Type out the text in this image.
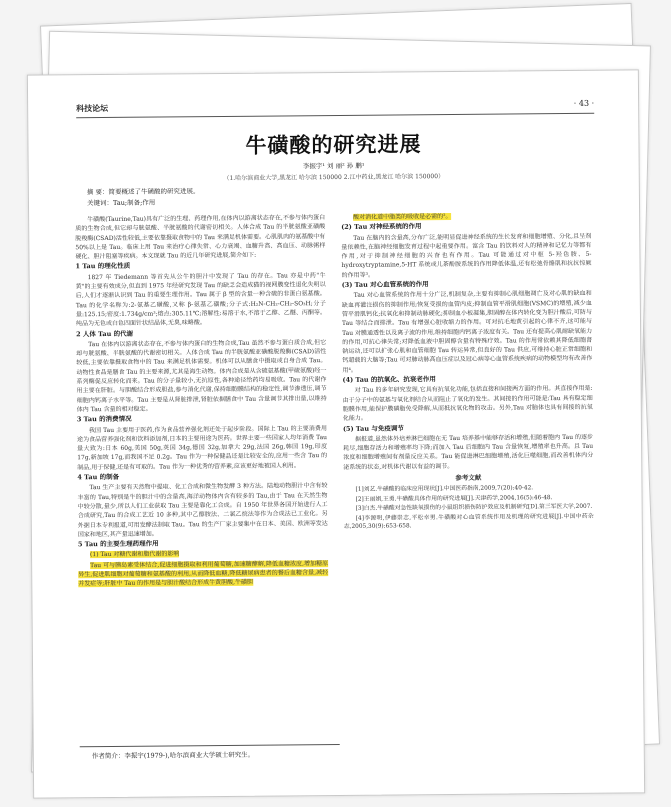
科技论坛	· 43 ·
牛磺酸的研究进展
李振宇¹ 刘 丽² 孙 鹏¹
（1.哈尔滨商业大学,黑龙江 哈尔滨 150000 2.江中药业,黑龙江 哈尔滨 150000）
摘 要：简要概述了牛磺酸的研究进展。
关键词：Tau;制备;作用

牛磺酸(Taurine,Tau)具有广泛的生理、药理作用,在体内以游离状态存在,不参与体内蛋白质的生物合成,但它却与胱氨酸、半胱氨酸的代谢密切相关。人体合成 Tau 的半胱氨酸亚磺酸脱羧酶(CSAD)活性较低,主要依靠摄取食物中的 Tau 来满足机体需要。心肌肌肉的氨基酸中有 50%以上是 Tau。临床上用 Tau 来治疗心律失常、心力衰竭、血糖升高、高血压、动脉粥样硬化、胆汁阻塞等疾病。本文现就 Tau 的近几年研究进展,简介如下:

1 Tau 的理化性质

1827 年 Tiedemann 等首先从公牛的胆汁中发现了 Tau 的存在。Tau 亦是中药"牛黄"的主要有效成分,但直到 1975 年经研究发现 Tau 的缺乏会造成猫的视网膜变性退化失明以后,人们才逐渐认识到 Tau 的重要生理作用。Tau 属于 β 型的含量一种含硫的非蛋白氨基酸。Tau 的化学名称为:2-氨基乙磺酸,又称 β-氨基乙磺酸;分子式:H₂N-CH₂-CH₂-SO₃H;分子量:125.15;密度:1.734g/cm³;熔点:305.11℃;溶解性:易溶于水,不溶于乙醇、乙醚、丙酮等。纯品为无色或白色四面针状结晶体,无臭,味略酸。

2 人体 Tau 的代谢

Tau 在体内以游离状态存在,不参与体内蛋白的生物合成,Tau 虽然不参与蛋白质合成,但它却与胱氨酸、半胱氨酸的代谢密切相关。人体合成 Tau 的半胱氨酸亚磺酸脱羧酶(CSAD)活性较低,主要依靠摄取食物中的 Tau 来满足机体需要。机体可以从膳食中摄取或自身合成 Tau。动物性食品是膳食 Tau 的主要来源,尤其是海生动物。体内合成是从含硫氨基酸(甲硫氨酸)经一系列酶促反应转化而来。Tau 的分子量较小,无抗原性,各种途径给药均易吸收。Tau 的代谢作用主要在肝脏。与胆酸结合形成胆盐,参与消化代谢,保持细胞膜结构的稳定性,调节渗透压,调节细胞内钙离子水平等。Tau 主要是从肾脏排泄,肾脏依据膳食中 Tau 含量调节其排出量,以维持体内 Tau 含量的相对稳定。

3 Tau 的消费情况

我国 Tau 主要用于医药,作为食品营养强化剂还处于起步阶段。国际上 Tau 的主要消费用途为食品营养强化剂和饮料添加剂,日本的主要用途为医药。世界主要一些国家人均年消费 Tau 量大致为:日本 60g,美国 50g,英国 34g,德国 32g,加拿大 29g,法国 26g,韩国 19g,印度 17g,新加坡 17g,而我国不足 0.2g。Tau 作为一种保健品还是比较安全的,应用一些含 Tau 的制品,用于保健,还是有可取的。Tau 作为一种优秀的营养素,应该更好地被国人利用。

4 Tau 的制备

Tau 生产主要有天然物中提取、化工合成和微生物发酵 3 种方法。陆地动物胆汁中含有较丰富的 Tau,特别是牛的胆汁中的含量高,海洋动物体内含有较多的 Tau,由于 Tau 在天然生物中较分散,量少,所以人们工业获取 Tau 主要是靠化工合成。自 1950 年世界各国开始进行人工合成研究,Tau 的合成工艺近 10 多种,其中乙醇胺法、二氯乙烷法等作为合成法已工业化。另外据日本专利报道,可用发酵法制取 Tau。Tau 的生产厂家主要集中在日本、美国、欧洲等发达国家和地区,其产量迅速增加。

5 Tau 的主要生理药理作用

(1) Tau 对糖代谢和脂代谢的影响

Tau 可与胰岛素受体结合,促进细胞摄取和利用葡萄糖,加速糖酵解,降低血糖浓度,增加糖原异生,促进肌细胞对葡萄糖和氨基酸的利用,从而降低血糖,降低糖尿病患者的餐后血糖含量,减轻并发症等;肝脏中 Tau 的作用是与胆汁酸结合形成牛黄胆酸,牛磺胆

酸对消化道中脂类的吸收是必需的²。

(2) Tau 对神经系统的作用

Tau 在脑内的含量高,分布广泛,能明显促进神经系统的生长发育和细胞增殖、分化,且呈剂量依赖性,在脑神经细胞发育过程中起重要作用。富含 Tau 的饮料对人的精神和记忆力等都有作用,对于抑制神经细胞的兴奋也有作用。Tau 可能通过对中枢 5-羟色胺、5-hydroxytryptamine,5-HT 系统或儿茶酚胺系统的作用降低体温,还有松弛骨骼肌和抗抗惊厥的作用等³。

(3) Tau 对心血管系统的作用

Tau 对心血管系统的作用十分广泛,机制复杂,主要有抑制心肌细胞凋亡及对心肌的缺血和缺血再灌注损伤的抑制作用;恢复受损的血管内皮;抑制血管平滑肌细胞(VSMC)的增殖,减少血管平滑肌钙化;抗氧化和抑制动脉硬化;抑制血小板凝集,胆固醇在体内转化变为胆汁酸后,可防与 Tau 等结合而排泄。Tau 有增强心脏收缩力的作用。可对抗毛地黄引起的心律不齐,这可能与 Tau 对膜通透性以及离子流的作用,维持细胞内钙离子浓度有关。Tau 还有提高心肌耐缺氧能力的作用,可抗心律失常;对降低血液中胆固醇含量有特殊疗效。Tau 的作用常依赖其降低细胞肾钠运动,还可以扩张心肌和血管细胞 Tau 转运异常,但良好的 Tau 供应,可维持心脏正常细胞和钙超载的大脑等;Tau 可对肺动脉高血压症以及冠心病等心血管系统疾病的动物模型均有改善作用⁴。

(4) Tau 的抗氧化、抗衰老作用

对 Tau 的多年研究发现,它具有抗氧化功能,包括直接和间接两方面的作用。其直接作用是:由于分子中的氨基与氧化剂结合从而阻止了氧化的发生。其间接的作用可能是:Tau 具有稳定细胞膜作用,能保护膜磷脂免受降解,从而抵抗氧化物的攻击。另外,Tau 对脑体也具有间接的抗氧化能力。

(5) Tau 与免疫调节

据报道,虽然体外培养淋巴细胞在无 Tau 培养基中能够存活和增殖,但随着胞内 Tau 的逐步耗尽,细胞存活力和增殖率均下降;而加入 Tau 后细胞内 Tau 含量恢复,增殖率也升高。且 Tau 浓度和细胞增殖间有剂量反应关系。Tau 能促进淋巴细胞增殖,活化巨噬细胞,而改善机体内分泌系统的状态,对机体代谢以有益的调节。

参考文献

[1]刘艺.牛磺酸的临床应用现状[J].中国医药指南,2009,7(20):40-42.

[2]王丽娟,王勇.牛磺酸具体作用的研究进展[J].天津药学,2004,16(5):46-48.

[3]白杰.牛磺酸对急性缺氧损伤的小鼠组织损伤防护效应及机制研究[D].第三军医大学,2007.

[4]李源明,伊藤崇志,平松幸男.牛磺酸对心血管系统作用及机理的研究进展[J].中国中药杂志,2005,30(9):653-658.

作者简介：李振宇(1979-),哈尔滨商业大学硕士研究生。
